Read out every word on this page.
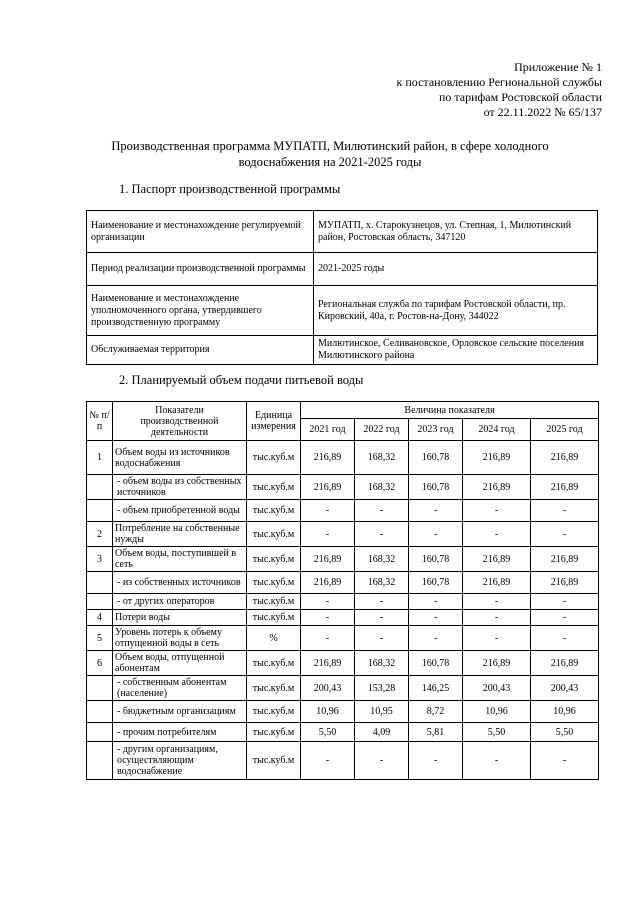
Приложение № 1
к постановлению Региональной службы
по тарифам Ростовской области
от 22.11.2022 № 65/137
Производственная программа МУПАТП, Милютинский район, в сфере холодного
водоснабжения на 2021-2025 годы
1. Паспорт производственной программы
Наименование и местонахождение регулируемой организации	МУПАТП, х. Старокузнецов, ул. Степная, 1, Милютинский район, Ростовская область, 347120
Период реализации производственной программы	2021-2025 годы
Наименование и местонахождение уполномоченного органа, утвердившего производственную программу	Региональная служба по тарифам Ростовской области, пр. Кировский, 40а, г. Ростов-на-Дону, 344022
Обслуживаемая территория	Милютинское, Селивановское, Орловское сельские поселения Милютинского района
2. Планируемый объем подачи питьевой воды
№ п/п	Показатели производственной деятельности	Единица измерения	Величина показателя				
			2021 год	2022 год	2023 год	2024 год	2025 год
1	Объем воды из источников водоснабжения	тыс.куб.м	216,89	168,32	160,78	216,89	216,89
	- объем воды из собственных источников	тыс.куб.м	216,89	168,32	160,78	216,89	216,89
	- объем приобретенной воды	тыс.куб.м	-	-	-	-	-
2	Потребление на собственные нужды	тыс.куб.м	-	-	-	-	-
3	Объем воды, поступившей в сеть	тыс.куб.м	216,89	168,32	160,78	216,89	216,89
	- из собственных источников	тыс.куб.м	216,89	168,32	160,78	216,89	216,89
	- от других операторов	тыс.куб.м	-	-	-	-	-
4	Потери воды	тыс.куб.м	-	-	-	-	-
5	Уровень потерь к объему отпущенной воды в сеть	%	-	-	-	-	-
6	Объем воды, отпущенной абонентам	тыс.куб.м	216,89	168,32	160,78	216,89	216,89
	- собственным абонентам (население)	тыс.куб.м	200,43	153,28	146,25	200,43	200,43
	- бюджетным организациям	тыс.куб.м	10,96	10,95	8,72	10,96	10,96
	- прочим потребителям	тыс.куб.м	5,50	4,09	5,81	5,50	5,50
	- другим организациям, осуществляющим водоснабжение	тыс.куб.м	-	-	-	-	-
